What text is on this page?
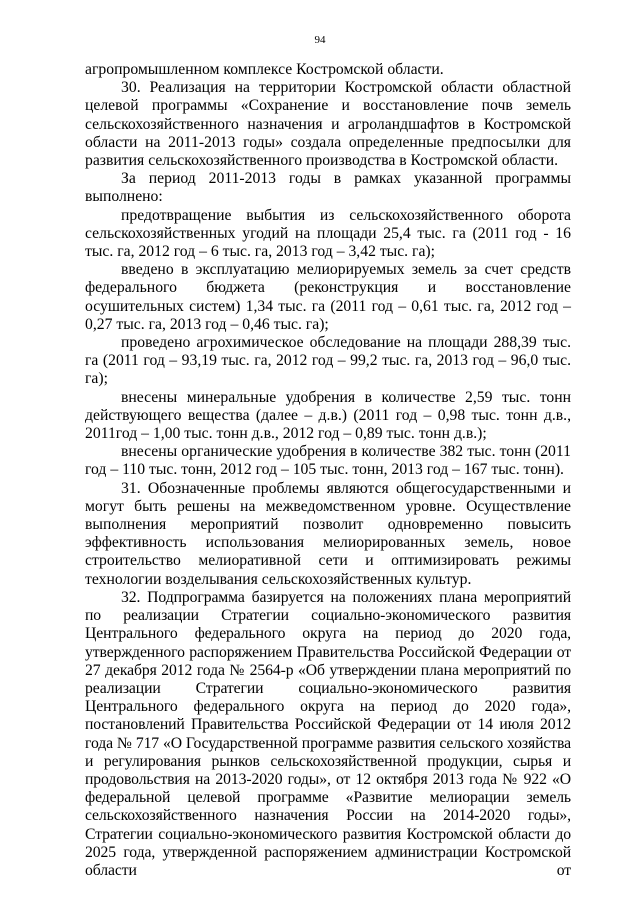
94

агропромышленном комплексе Костромской области.

30. Реализация на территории Костромской области областной целевой программы «Сохранение и восстановление почв земель сельскохозяйственного назначения и агроландшафтов в Костромской области на 2011-2013 годы» создала определенные предпосылки для развития сельскохозяйственного производства в Костромской области.

За период 2011-2013 годы в рамках указанной программы выполнено:

предотвращение выбытия из сельскохозяйственного оборота сельскохозяйственных угодий на площади 25,4 тыс. га (2011 год - 16 тыс. га, 2012 год – 6 тыс. га, 2013 год – 3,42 тыс. га);

введено в эксплуатацию мелиорируемых земель за счет средств федерального бюджета (реконструкция и восстановление осушительных систем) 1,34 тыс. га (2011 год – 0,61 тыс. га, 2012 год – 0,27 тыс. га, 2013 год – 0,46 тыс. га);

проведено агрохимическое обследование на площади 288,39 тыс. га (2011 год – 93,19 тыс. га, 2012 год – 99,2 тыс. га, 2013 год – 96,0 тыс. га);

внесены минеральные удобрения в количестве 2,59 тыс. тонн действующего вещества (далее – д.в.) (2011 год – 0,98 тыс. тонн д.в., 2011год – 1,00 тыс. тонн д.в., 2012 год – 0,89 тыс. тонн д.в.);

внесены органические удобрения в количестве 382 тыс. тонн (2011 год – 110 тыс. тонн, 2012 год – 105 тыс. тонн, 2013 год – 167 тыс. тонн).

31. Обозначенные проблемы являются общегосударственными и могут быть решены на межведомственном уровне. Осуществление выполнения мероприятий позволит одновременно повысить эффективность использования мелиорированных земель, новое строительство мелиоративной сети и оптимизировать режимы технологии возделывания сельскохозяйственных культур.

32. Подпрограмма базируется на положениях плана мероприятий по реализации Стратегии социально-экономического развития Центрального федерального округа на период до 2020 года, утвержденного распоряжением Правительства Российской Федерации от 27 декабря 2012 года № 2564-р «Об утверждении плана мероприятий по реализации Стратегии социально-экономического развития Центрального федерального округа на период до 2020 года», постановлений Правительства Российской Федерации от 14 июля 2012 года № 717 «О Государственной программе развития сельского хозяйства и регулирования рынков сельскохозяйственной продукции, сырья и продовольствия на 2013-2020 годы», от 12 октября 2013 года № 922 «О федеральной целевой программе «Развитие мелиорации земель сельскохозяйственного назначения России на 2014-2020 годы», Стратегии социально-экономического развития Костромской области до 2025 года, утвержденной распоряжением администрации Костромской области от
